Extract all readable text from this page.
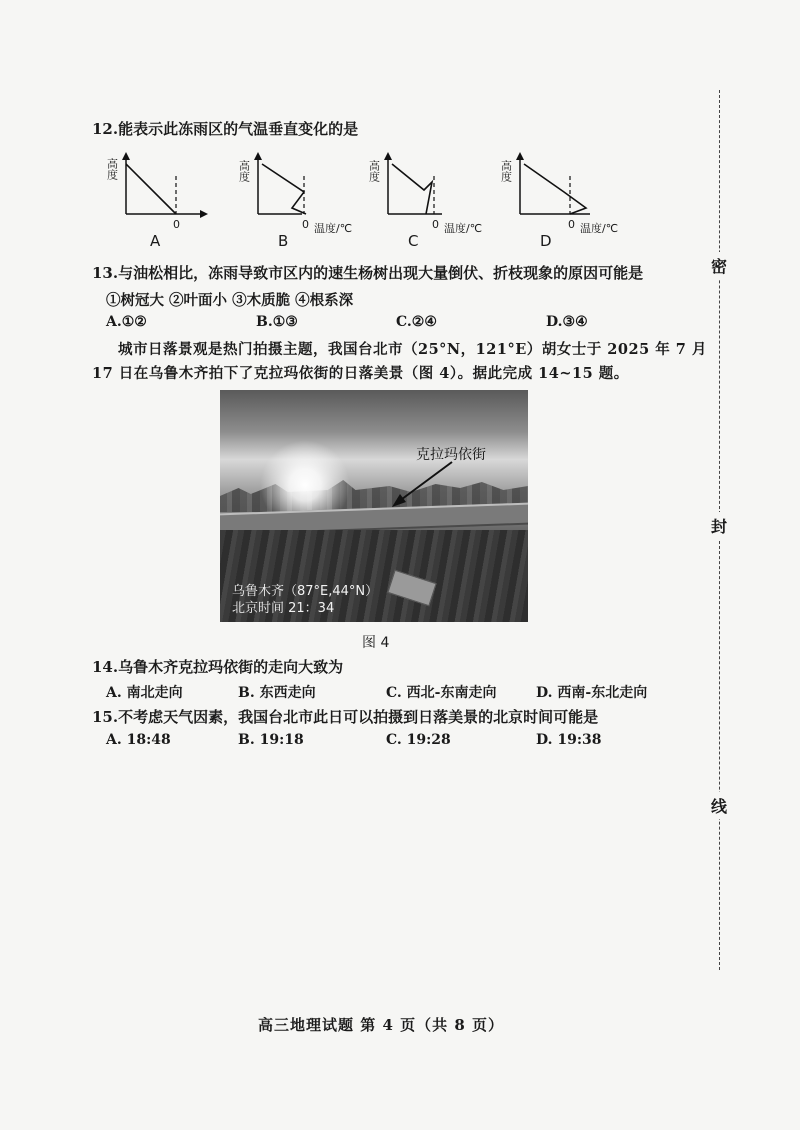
12.能表示此冻雨区的气温垂直变化的是
高度
0
A
高度
0 温度/℃
B
高度
0 温度/℃
C
高度
0 温度/℃
D
13.与油松相比，冻雨导致市区内的速生杨树出现大量倒伏、折枝现象的原因可能是
①树冠大 ②叶面小 ③木质脆 ④根系深
A.①②	B.①③	C.②④	D.③④
城市日落景观是热门拍摄主题，我国台北市（25°N，121°E）胡女士于 2025 年 7 月
17 日在乌鲁木齐拍下了克拉玛依街的日落美景（图 4）。据此完成 14~15 题。
克拉玛依街
乌鲁木齐（87°E,44°N）
北京时间 21：34
图 4
14.乌鲁木齐克拉玛依街的走向大致为
A. 南北走向	B. 东西走向	C. 西北-东南走向	D. 西南-东北走向
15.不考虑天气因素，我国台北市此日可以拍摄到日落美景的北京时间可能是
A. 18:48	B. 19:18	C. 19:28	D. 19:38
密
封
线
高三地理试题 第 4 页（共 8 页）
